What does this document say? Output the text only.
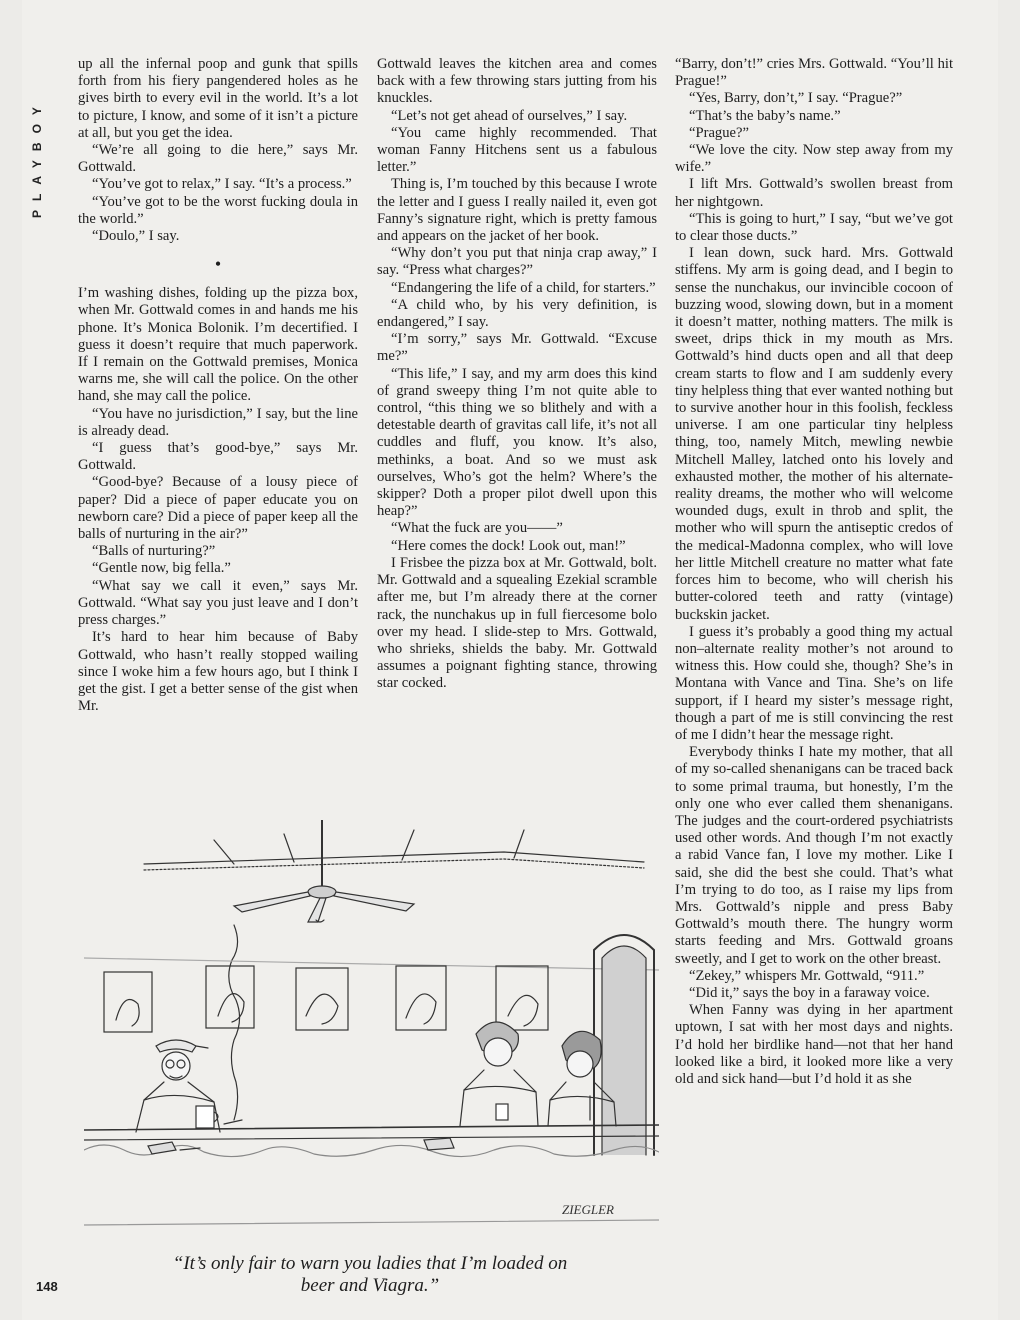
PLAYBOY

up all the infernal poop and gunk that spills forth from his fiery pangendered holes as he gives birth to every evil in the world. It’s a lot to picture, I know, and some of it isn’t a picture at all, but you get the idea.

“We’re all going to die here,” says Mr. Gottwald.

“You’ve got to relax,” I say. “It’s a process.”

“You’ve got to be the worst fucking doula in the world.”

“Doulo,” I say.

•

I’m washing dishes, folding up the pizza box, when Mr. Gottwald comes in and hands me his phone. It’s Monica Bolonik. I’m decertified. I guess it doesn’t require that much paperwork. If I remain on the Gottwald premises, Monica warns me, she will call the police. On the other hand, she may call the police.

“You have no jurisdiction,” I say, but the line is already dead.

“I guess that’s good-bye,” says Mr. Gottwald.

“Good-bye? Because of a lousy piece of paper? Did a piece of paper educate you on newborn care? Did a piece of paper keep all the balls of nurturing in the air?”

“Balls of nurturing?”

“Gentle now, big fella.”

“What say we call it even,” says Mr. Gottwald. “What say you just leave and I don’t press charges.”

It’s hard to hear him because of Baby Gottwald, who hasn’t really stopped wailing since I woke him a few hours ago, but I think I get the gist. I get a better sense of the gist when Mr.

Gottwald leaves the kitchen area and comes back with a few throwing stars jutting from his knuckles.

“Let’s not get ahead of ourselves,” I say.

“You came highly recommended. That woman Fanny Hitchens sent us a fabulous letter.”

Thing is, I’m touched by this because I wrote the letter and I guess I really nailed it, even got Fanny’s signature right, which is pretty famous and appears on the jacket of her book.

“Why don’t you put that ninja crap away,” I say. “Press what charges?”

“Endangering the life of a child, for starters.”

“A child who, by his very definition, is endangered,” I say.

“I’m sorry,” says Mr. Gottwald. “Excuse me?”

“This life,” I say, and my arm does this kind of grand sweepy thing I’m not quite able to control, “this thing we so blithely and with a detestable dearth of gravitas call life, it’s not all cuddles and fluff, you know. It’s also, methinks, a boat. And so we must ask ourselves, Who’s got the helm? Where’s the skipper? Doth a proper pilot dwell upon this heap?”

“What the fuck are you——”

“Here comes the dock! Look out, man!”

I Frisbee the pizza box at Mr. Gottwald, bolt. Mr. Gottwald and a squealing Ezekial scramble after me, but I’m already there at the corner rack, the nunchakus up in full fiercesome bolo over my head. I slide-step to Mrs. Gottwald, who shrieks, shields the baby. Mr. Gottwald assumes a poignant fighting stance, throwing star cocked.

“Barry, don’t!” cries Mrs. Gottwald. “You’ll hit Prague!”

“Yes, Barry, don’t,” I say. “Prague?”

“That’s the baby’s name.”

“Prague?”

“We love the city. Now step away from my wife.”

I lift Mrs. Gottwald’s swollen breast from her nightgown.

“This is going to hurt,” I say, “but we’ve got to clear those ducts.”

I lean down, suck hard. Mrs. Gottwald stiffens. My arm is going dead, and I begin to sense the nunchakus, our invincible cocoon of buzzing wood, slowing down, but in a moment it doesn’t matter, nothing matters. The milk is sweet, drips thick in my mouth as Mrs. Gottwald’s hind ducts open and all that deep cream starts to flow and I am suddenly every tiny helpless thing that ever wanted nothing but to survive another hour in this foolish, feckless universe. I am one particular tiny helpless thing, too, namely Mitch, mewling newbie Mitchell Malley, latched onto his lovely and exhausted mother, the mother of his alternate-reality dreams, the mother who will welcome wounded dugs, exult in throb and split, the mother who will spurn the antiseptic credos of the medical-Madonna complex, who will love her little Mitchell creature no matter what fate forces him to become, who will cherish his butter-colored teeth and ratty (vintage) buckskin jacket.

I guess it’s probably a good thing my actual non–alternate reality mother’s not around to witness this. How could she, though? She’s in Montana with Vance and Tina. She’s on life support, if I heard my sister’s message right, though a part of me is still convincing the rest of me I didn’t hear the message right.

Everybody thinks I hate my mother, that all of my so-called shenanigans can be traced back to some primal trauma, but honestly, I’m the only one who ever called them shenanigans. The judges and the court-ordered psychiatrists used other words. And though I’m not exactly a rabid Vance fan, I love my mother. Like I said, she did the best she could. That’s what I’m trying to do too, as I raise my lips from Mrs. Gottwald’s nipple and press Baby Gottwald’s mouth there. The hungry worm starts feeding and Mrs. Gottwald groans sweetly, and I get to work on the other breast.

“Zekey,” whispers Mr. Gottwald, “911.”

“Did it,” says the boy in a faraway voice.

When Fanny was dying in her apartment uptown, I sat with her most days and nights. I’d hold her birdlike hand—not that her hand looked like a bird, it looked more like a very old and sick hand—but I’d hold it as she

ZIEGLER
“It’s only fair to warn you ladies that I’m loaded on
beer and Viagra.”
148
